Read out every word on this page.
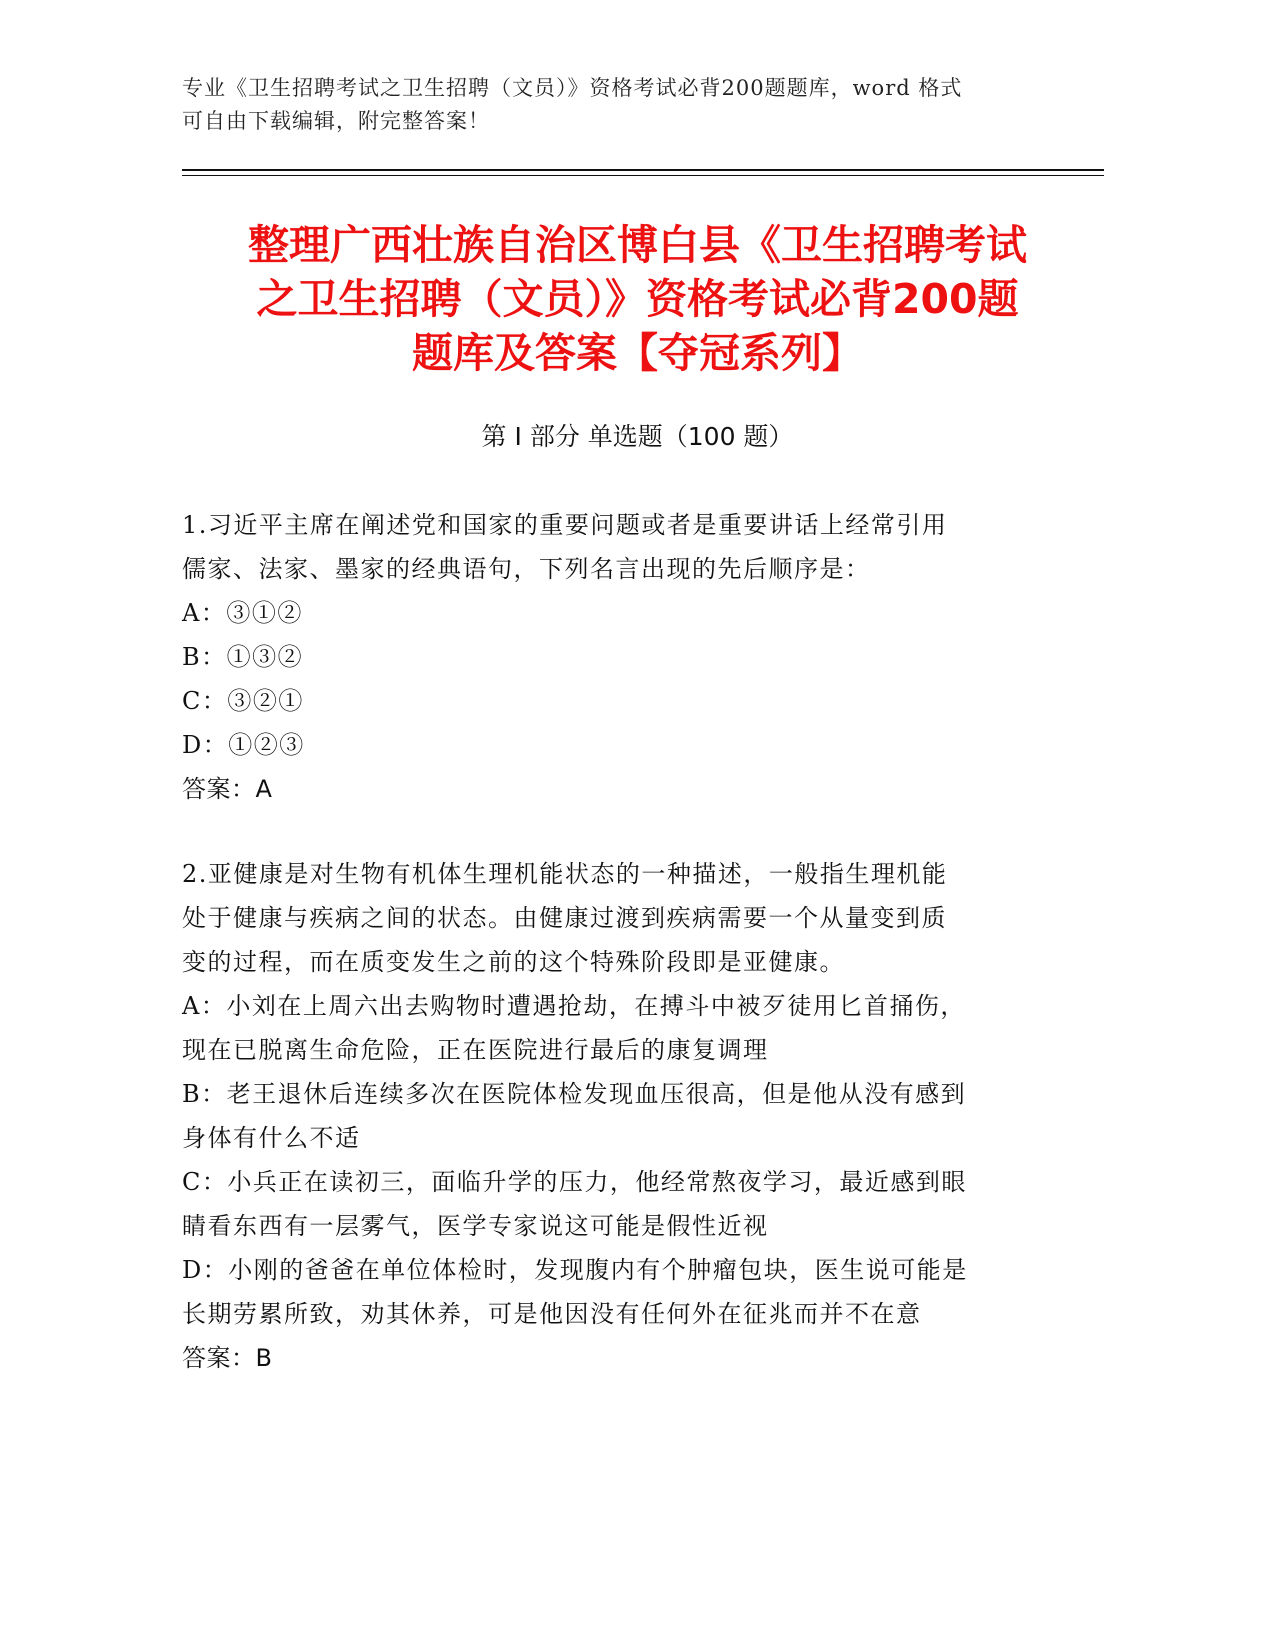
专业《卫生招聘考试之卫生招聘（文员）》资格考试必背200题题库，word 格式
可自由下载编辑，附完整答案！
整理广西壮族自治区博白县《卫生招聘考试
之卫生招聘（文员）》资格考试必背200题
题库及答案【夺冠系列】
第 I 部分 单选题（100 题）
1.习近平主席在阐述党和国家的重要问题或者是重要讲话上经常引用
儒家、法家、墨家的经典语句，下列名言出现的先后顺序是：
A：③①②
B：①③②
C：③②①
D：①②③
答案：A
2.亚健康是对生物有机体生理机能状态的一种描述，一般指生理机能
处于健康与疾病之间的状态。由健康过渡到疾病需要一个从量变到质
变的过程，而在质变发生之前的这个特殊阶段即是亚健康。
A：小刘在上周六出去购物时遭遇抢劫，在搏斗中被歹徒用匕首捅伤，
现在已脱离生命危险，正在医院进行最后的康复调理
B：老王退休后连续多次在医院体检发现血压很高，但是他从没有感到
身体有什么不适
C：小兵正在读初三，面临升学的压力，他经常熬夜学习，最近感到眼
睛看东西有一层雾气，医学专家说这可能是假性近视
D：小刚的爸爸在单位体检时，发现腹内有个肿瘤包块，医生说可能是
长期劳累所致，劝其休养，可是他因没有任何外在征兆而并不在意
答案：B
